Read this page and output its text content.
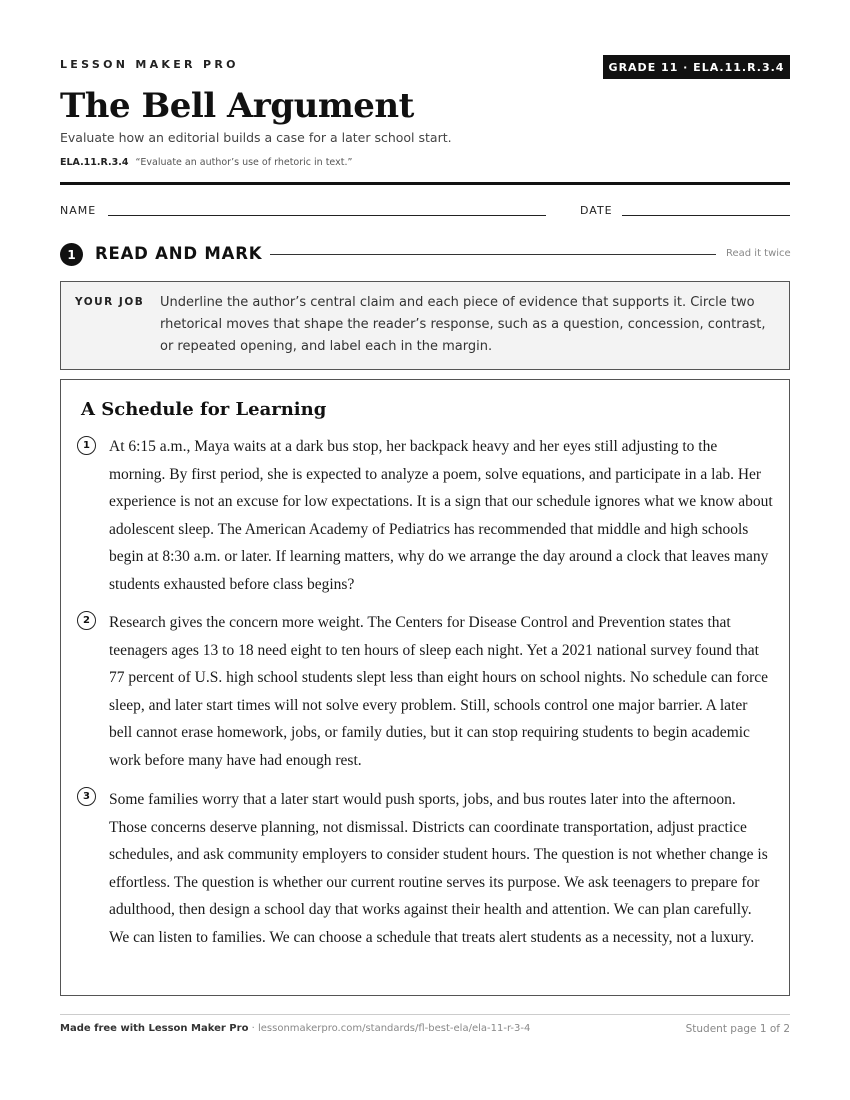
LESSON MAKER PRO	GRADE 11 · ELA.11.R.3.4
The Bell Argument
Evaluate how an editorial builds a case for a later school start.
ELA.11.R.3.4 “Evaluate an author’s use of rhetoric in text.”
NAME	DATE
1	READ AND MARK	Read it twice
YOUR JOB Underline the author’s central claim and each piece of evidence that supports it. Circle two rhetorical moves that shape the reader’s response, such as a question, concession, contrast, or repeated opening, and label each in the margin.
A Schedule for Learning
1	At 6:15 a.m., Maya waits at a dark bus stop, her backpack heavy and her eyes still adjusting to the morning. By first period, she is expected to analyze a poem, solve equations, and participate in a lab. Her experience is not an excuse for low expectations. It is a sign that our schedule ignores what we know about adolescent sleep. The American Academy of Pediatrics has recommended that middle and high schools begin at 8:30 a.m. or later. If learning matters, why do we arrange the day around a clock that leaves many students exhausted before class begins?

2	Research gives the concern more weight. The Centers for Disease Control and Prevention states that teenagers ages 13 to 18 need eight to ten hours of sleep each night. Yet a 2021 national survey found that 77 percent of U.S. high school students slept less than eight hours on school nights. No schedule can force sleep, and later start times will not solve every problem. Still, schools control one major barrier. A later bell cannot erase homework, jobs, or family duties, but it can stop requiring students to begin academic work before many have had enough rest.

3	Some families worry that a later start would push sports, jobs, and bus routes later into the afternoon. Those concerns deserve planning, not dismissal. Districts can coordinate transportation, adjust practice schedules, and ask community employers to consider student hours. The question is not whether change is effortless. The question is whether our current routine serves its purpose. We ask teenagers to prepare for adulthood, then design a school day that works against their health and attention. We can plan carefully. We can listen to families. We can choose a schedule that treats alert students as a necessity, not a luxury.

Made free with Lesson Maker Pro · lessonmakerpro.com/standards/fl-best-ela/ela-11-r-3-4	Student page 1 of 2
